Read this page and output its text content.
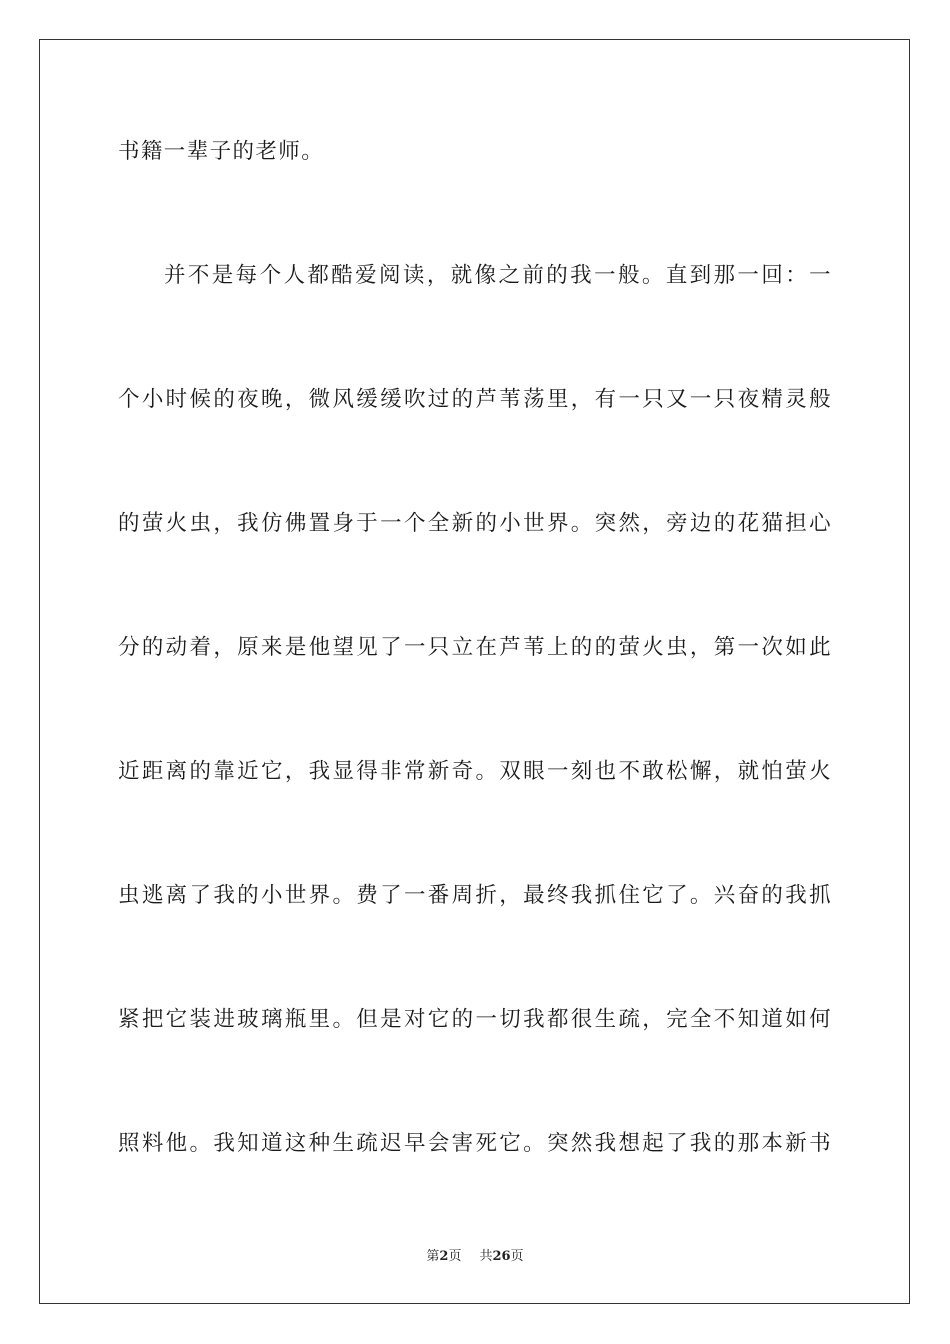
书籍一辈子的老师。
并不是每个人都酷爱阅读，就像之前的我一般。直到那一回：一
个小时候的夜晚，微风缓缓吹过的芦苇荡里，有一只又一只夜精灵般
的萤火虫，我仿佛置身于一个全新的小世界。突然，旁边的花猫担心
分的动着，原来是他望见了一只立在芦苇上的的萤火虫，第一次如此
近距离的靠近它，我显得非常新奇。双眼一刻也不敢松懈，就怕萤火
虫逃离了我的小世界。费了一番周折，最终我抓住它了。兴奋的我抓
紧把它装进玻璃瓶里。但是对它的一切我都很生疏，完全不知道如何
照料他。我知道这种生疏迟早会害死它。突然我想起了我的那本新书
第2页 共26页
